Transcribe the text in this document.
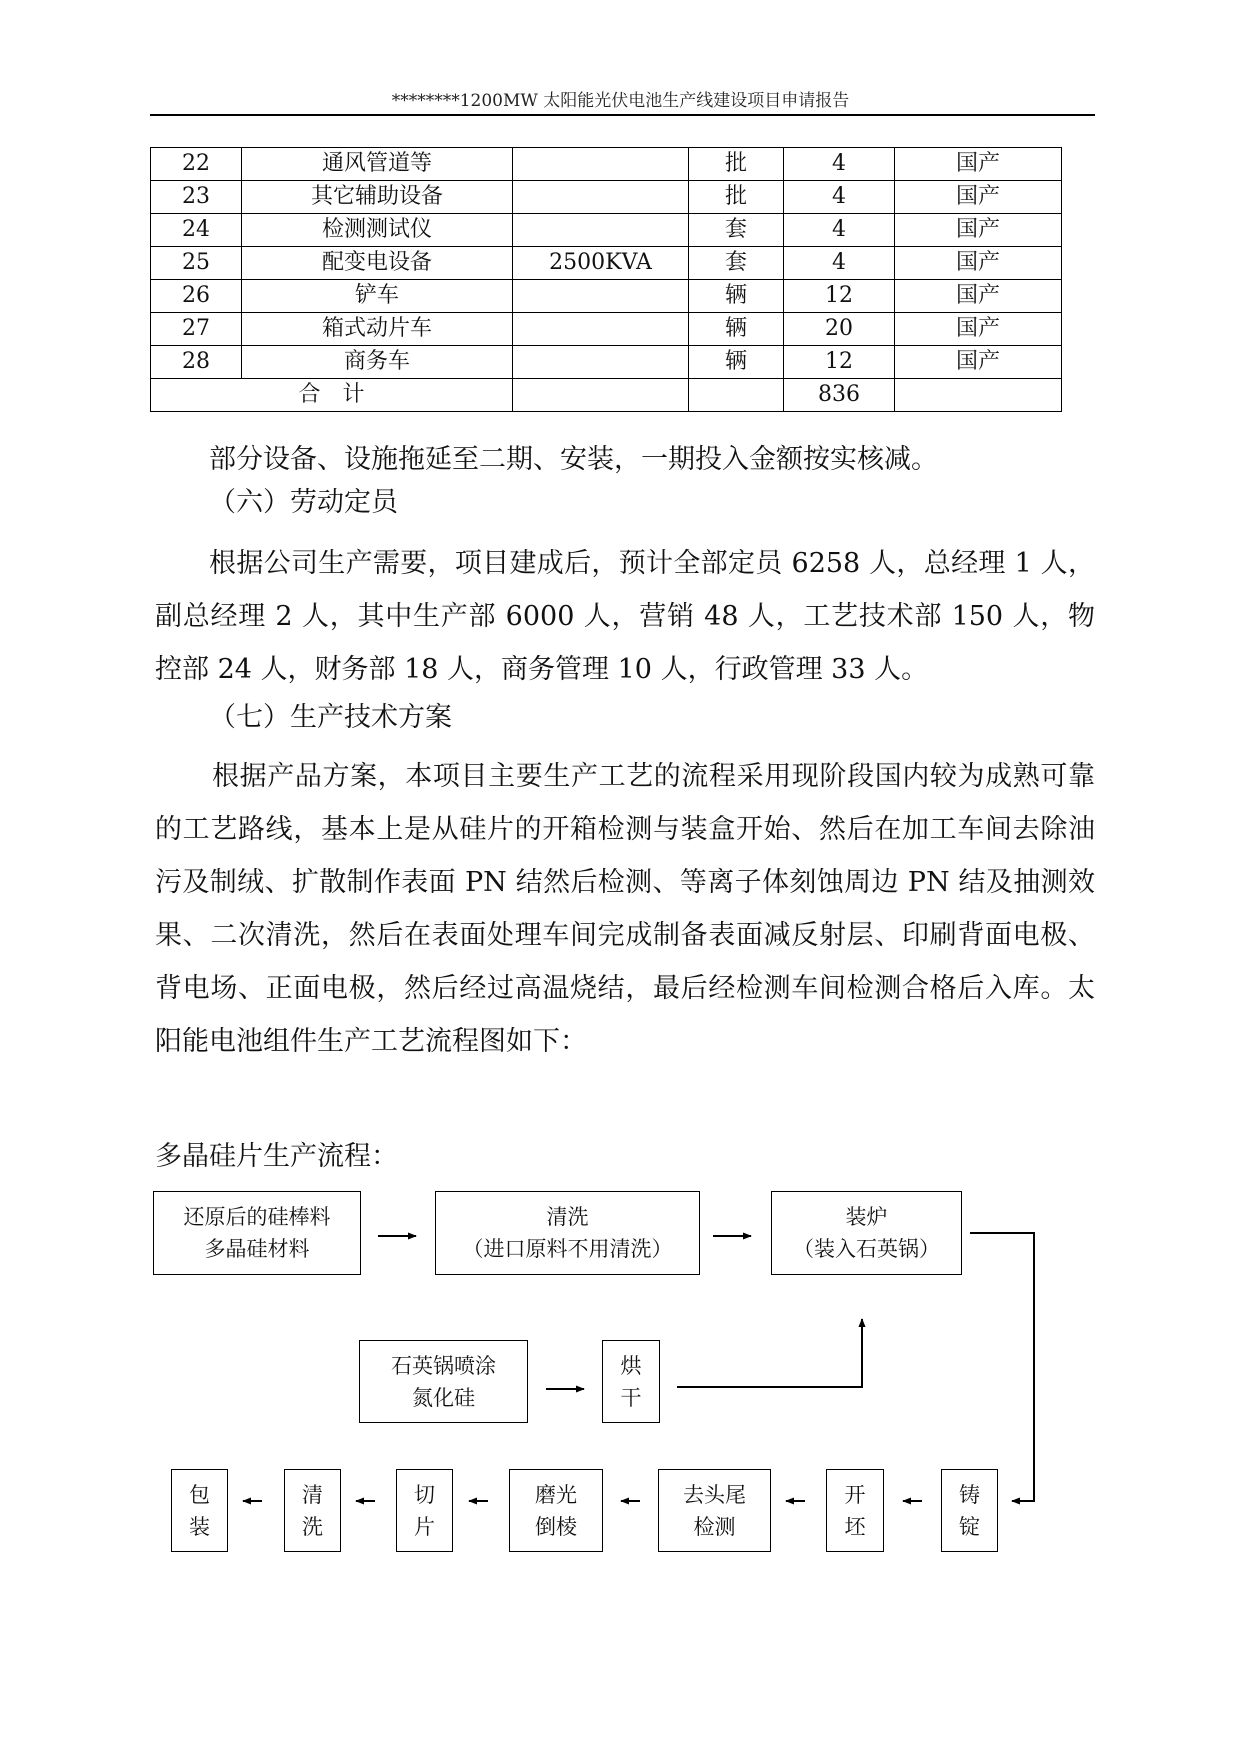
********1200MW 太阳能光伏电池生产线建设项目申请报告
22	通风管道等		批	4	国产
23	其它辅助设备		批	4	国产
24	检测测试仪		套	4	国产
25	配变电设备	2500KVA	套	4	国产
26	铲车		辆	12	国产
27	箱式动片车		辆	20	国产
28	商务车		辆	12	国产
合　计				836	
部分设备、设施拖延至二期、安装，一期投入金额按实核减。
（六）劳动定员
根据公司生产需要，项目建成后，预计全部定员 6258 人，总经理 1 人，副总经理 2 人，其中生产部 6000 人，营销 48 人，工艺技术部 150 人，物控部 24 人，财务部 18 人，商务管理 10 人，行政管理 33 人。
（七）生产技术方案
根据产品方案，本项目主要生产工艺的流程采用现阶段国内较为成熟可靠的工艺路线，基本上是从硅片的开箱检测与装盒开始、然后在加工车间去除油污及制绒、扩散制作表面 PN 结然后检测、等离子体刻蚀周边 PN 结及抽测效果、二次清洗，然后在表面处理车间完成制备表面减反射层、印刷背面电极、背电场、正面电极，然后经过高温烧结，最后经检测车间检测合格后入库。太阳能电池组件生产工艺流程图如下：
多晶硅片生产流程：
还原后的硅棒料
多晶硅材料
清洗
（进口原料不用清洗）
装炉
（装入石英锅）
石英锅喷涂
氮化硅
烘
干
铸
锭
开
坯
去头尾
检测
磨光
倒棱
切
片
清
洗
包
装
